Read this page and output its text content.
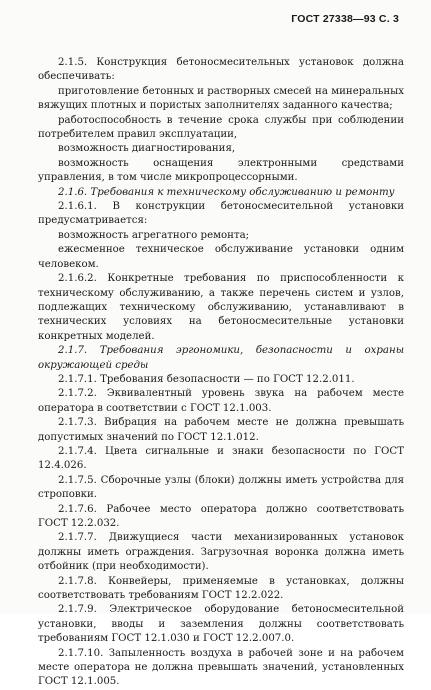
ГОСТ 27338—93 С. 3

2.1.5. Конструкция бетоносмесительных установок должна обеспечивать:

приготовление бетонных и растворных смесей на минеральных вяжущих плотных и пористых заполнителях заданного качества;

работоспособность в течение срока службы при соблюдении потребителем правил эксплуатации,

возможность диагностирования,

возможность оснащения электронными средствами управления, в том числе микропроцессорными.

2.1.6. Требования к техническому обслуживанию и ремонту

2.1.6.1. В конструкции бетоносмесительной установки предусматривается:

возможность агрегатного ремонта;

ежесменное техническое обслуживание установки одним человеком.

2.1.6.2. Конкретные требования по приспособленности к техническому обслуживанию, а также перечень систем и узлов, подлежащих техническому обслуживанию, устанавливают в технических условиях на бетоносмесительные установки конкретных моделей.

2.1.7. Требования эргономики, безопасности и охраны окружающей среды

2.1.7.1. Требования безопасности — по ГОСТ 12.2.011.

2.1.7.2. Эквивалентный уровень звука на рабочем месте оператора в соответствии с ГОСТ 12.1.003.

2.1.7.3. Вибрация на рабочем месте не должна превышать допустимых значений по ГОСТ 12.1.012.

2.1.7.4. Цвета сигнальные и знаки безопасности по ГОСТ 12.4.026.

2.1.7.5. Сборочные узлы (блоки) должны иметь устройства для строповки.

2.1.7.6. Рабочее место оператора должно соответствовать ГОСТ 12.2.032.

2.1.7.7. Движущиеся части механизированных установок должны иметь ограждения. Загрузочная воронка должна иметь отбойник (при необходимости).

2.1.7.8. Конвейеры, применяемые в установках, должны соответствовать требованиям ГОСТ 12.2.022.

2.1.7.9. Электрическое оборудование бетоносмесительной установки, вводы и заземления должны соответствовать требованиям ГОСТ 12.1.030 и ГОСТ 12.2.007.0.

2.1.7.10. Запыленность воздуха в рабочей зоне и на рабочем месте оператора не должна превышать значений, установленных ГОСТ 12.1.005.
